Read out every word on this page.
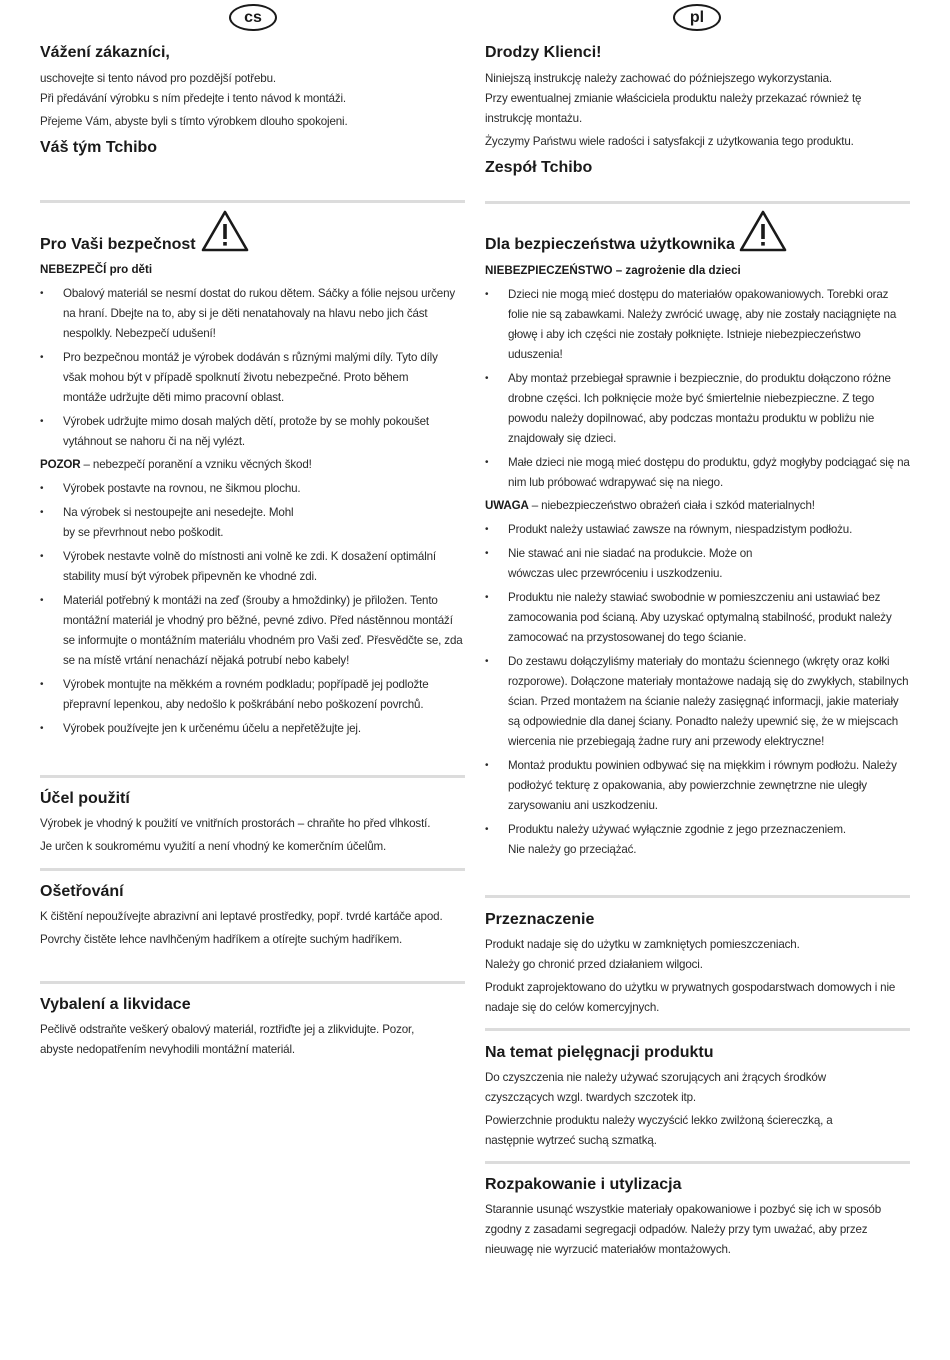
cs
Vážení zákazníci,

uschovejte si tento návod pro pozdější potřebu.

Při předávání výrobku s ním předejte i tento návod k montáži.

Přejeme Vám, abyste byli s tímto výrobkem dlouho spokojeni.

Váš tým Tchibo
Pro Vaši bezpečnost
NEBEZPEČÍ pro děti
• Obalový materiál se nesmí dostat do rukou dětem. Sáčky a fólie nejsou určeny na hraní. Dbejte na to, aby si je děti nenatahovaly na hlavu nebo jich část nespolkly. Nebezpečí udušení!
• Pro bezpečnou montáž je výrobek dodáván s různými malými díly. Tyto díly však mohou být v případě spolknutí životu nebezpečné. Proto během montáže udržujte děti mimo pracovní oblast.
• Výrobek udržujte mimo dosah malých dětí, protože by se mohly pokoušet vytáhnout se nahoru či na něj vylézt.
POZOR – nebezpečí poranění a vzniku věcných škod!
• Výrobek postavte na rovnou, ne šikmou plochu.
• Na výrobek si nestoupejte ani nesedejte. Mohl by se převrhnout nebo poškodit.
• Výrobek nestavte volně do místnosti ani volně ke zdi. K dosažení optimální stability musí být výrobek připevněn ke vhodné zdi.
• Materiál potřebný k montáži na zeď (šrouby a hmoždinky) je přiložen. Tento montážní materiál je vhodný pro běžné, pevné zdivo. Před nástěnnou montáží se informujte o montážním materiálu vhodném pro Vaši zeď. Přesvědčte se, zda se na místě vrtání nenachází nějaká potrubí nebo kabely!
• Výrobek montujte na měkkém a rovném podkladu; popřípadě jej podložte přepravní lepenkou, aby nedošlo k poškrábání nebo poškození povrchů.
• Výrobek používejte jen k určenému účelu a nepřetěžujte jej.
Účel použití

Výrobek je vhodný k použití ve vnitřních prostorách – chraňte ho před vlhkostí.

Je určen k soukromému využití a není vhodný ke komerčním účelům.

Ošetřování

K čištění nepoužívejte abrazivní ani leptavé prostředky, popř. tvrdé kartáče apod.

Povrchy čistěte lehce navlhčeným hadříkem a otírejte suchým hadříkem.

Vybalení a likvidace

Pečlivě odstraňte veškerý obalový materiál, roztřiďte jej a zlikvidujte. Pozor, abyste nedopatřením nevyhodili montážní materiál.

pl
Drodzy Klienci!

Niniejszą instrukcję należy zachować do późniejszego wykorzystania.

Przy ewentualnej zmianie właściciela produktu należy przekazać również tę instrukcję montażu.

Życzymy Państwu wiele radości i satysfakcji z użytkowania tego produktu.

Zespół Tchibo
Dla bezpieczeństwa użytkownika
NIEBEZPIECZEŃSTWO – zagrożenie dla dzieci
• Dzieci nie mogą mieć dostępu do materiałów opakowaniowych. Torebki oraz folie nie są zabawkami. Należy zwrócić uwagę, aby nie zostały naciągnięte na głowę i aby ich części nie zostały połknięte. Istnieje niebezpieczeństwo uduszenia!
• Aby montaż przebiegał sprawnie i bezpiecznie, do produktu dołączono różne drobne części. Ich połknięcie może być śmiertelnie niebezpieczne. Z tego powodu należy dopilnować, aby podczas montażu produktu w pobliżu nie znajdowały się dzieci.
• Małe dzieci nie mogą mieć dostępu do produktu, gdyż mogłyby podciągać się na nim lub próbować wdrapywać się na niego.
UWAGA – niebezpieczeństwo obrażeń ciała i szkód materialnych!
• Produkt należy ustawiać zawsze na równym, niespadzistym podłożu.
• Nie stawać ani nie siadać na produkcie. Może on wówczas ulec przewróceniu i uszkodzeniu.
• Produktu nie należy stawiać swobodnie w pomieszczeniu ani ustawiać bez zamocowania pod ścianą. Aby uzyskać optymalną stabilność, produkt należy zamocować na przystosowanej do tego ścianie.
• Do zestawu dołączyliśmy materiały do montażu ściennego (wkręty oraz kołki rozporowe). Dołączone materiały montażowe nadają się do zwykłych, stabilnych ścian. Przed montażem na ścianie należy zasięgnąć informacji, jakie materiały są odpowiednie dla danej ściany. Ponadto należy upewnić się, że w miejscach wiercenia nie przebiegają żadne rury ani przewody elektryczne!
• Montaż produktu powinien odbywać się na miękkim i równym podłożu. Należy podłożyć tekturę z opakowania, aby powierzchnie zewnętrzne nie uległy zarysowaniu ani uszkodzeniu.
• Produktu należy używać wyłącznie zgodnie z jego przeznaczeniem. Nie należy go przeciążać.
Przeznaczenie

Produkt nadaje się do użytku w zamkniętych pomieszczeniach. Należy go chronić przed działaniem wilgoci.

Produkt zaprojektowano do użytku w prywatnych gospodarstwach domowych i nie nadaje się do celów komercyjnych.

Na temat pielęgnacji produktu

Do czyszczenia nie należy używać szorujących ani żrących środków czyszczących wzgl. twardych szczotek itp.

Powierzchnie produktu należy wyczyścić lekko zwilżoną ściereczką, a następnie wytrzeć suchą szmatką.

Rozpakowanie i utylizacja

Starannie usunąć wszystkie materiały opakowaniowe i pozbyć się ich w sposób zgodny z zasadami segregacji odpadów. Należy przy tym uważać, aby przez nieuwagę nie wyrzucić materiałów montażowych.
